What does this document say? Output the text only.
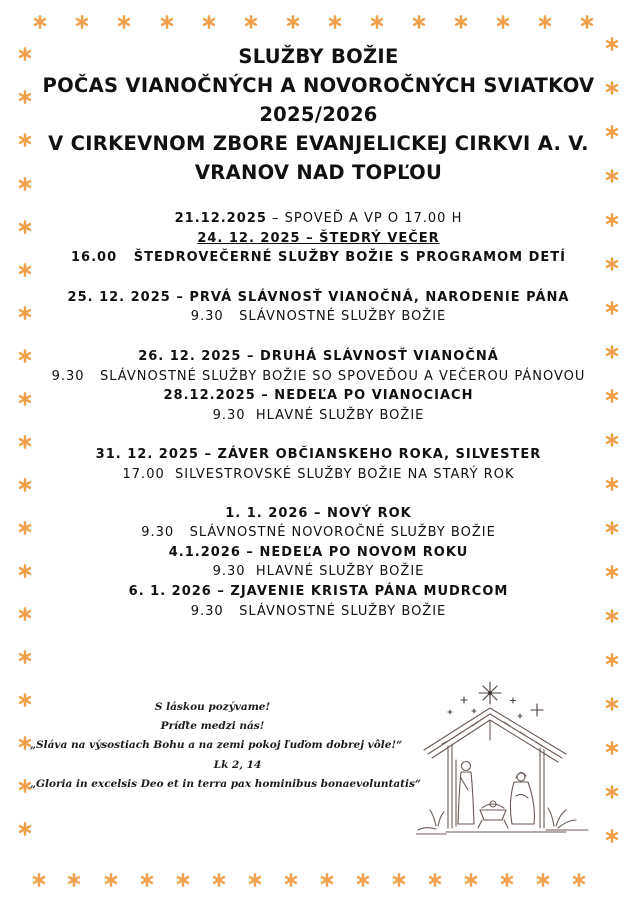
SLUŽBY BOŽIE
POČAS VIANOČNÝCH A NOVOROČNÝCH SVIATKOV
2025/2026
V CIRKEVNOM ZBORE EVANJELICKEJ CIRKVI A. V.
VRANOV NAD TOPĽOU
21.12.2025 – SPOVEĎ A VP O 17.00 H
24. 12. 2025 – ŠTEDRÝ VEČER
16.00 ŠTEDROVEČERNÉ SLUŽBY BOŽIE S PROGRAMOM DETÍ
25. 12. 2025 – PRVÁ SLÁVNOSŤ VIANOČNÁ, NARODENIE PÁNA
9.30 SLÁVNOSTNÉ SLUŽBY BOŽIE
26. 12. 2025 – DRUHÁ SLÁVNOSŤ VIANOČNÁ
9.30 SLÁVNOSTNÉ SLUŽBY BOŽIE SO SPOVEĎOU A VEČEROU PÁNOVOU
28.12.2025 – NEDEĽA PO VIANOCIACH
9.30 HLAVNÉ SLUŽBY BOŽIE
31. 12. 2025 – ZÁVER OBČIANSKEHO ROKA, SILVESTER
17.00 SILVESTROVSKÉ SLUŽBY BOŽIE NA STARÝ ROK
1. 1. 2026 – NOVÝ ROK
9.30 SLÁVNOSTNÉ NOVOROČNÉ SLUŽBY BOŽIE
4.1.2026 – NEDEĽA PO NOVOM ROKU
9.30 HLAVNÉ SLUŽBY BOŽIE
6. 1. 2026 – ZJAVENIE KRISTA PÁNA MUDRCOM
9.30 SLÁVNOSTNÉ SLUŽBY BOŽIE
S láskou pozývame!
Príďte medzi nás!
„Sláva na výsostiach Bohu a na zemi pokoj ľuďom dobrej vôle!“
Lk 2, 14
„Gloria in excelsis Deo et in terra pax hominibus bonaevoluntatis“
